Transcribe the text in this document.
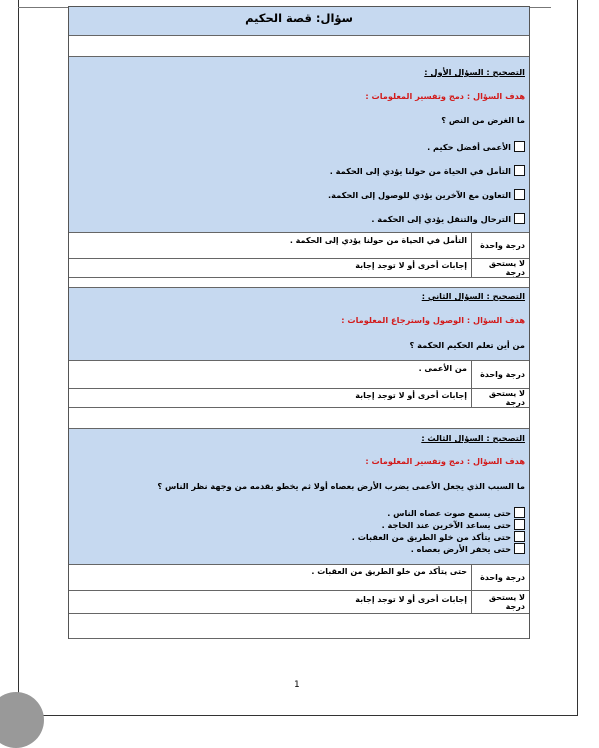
سؤال: قصة الحكيم
التصحيح : السؤال الأول :
هدف السؤال : دمج وتفسير المعلومات :
ما الغرض من النص ؟
الأعمى أفضل حكيم .
التأمل في الحياة من حولنا يؤدي إلى الحكمة .
التعاون مع الآخرين يؤدي للوصول إلى الحكمة.
الترحال والتنقل يؤدي إلى الحكمة .
درجة واحدة
التأمل في الحياة من حولنا يؤدي إلى الحكمة .
لا يستحق درجة
إجابات أخرى أو لا توجد إجابة
التصحيح : السؤال الثاني :
هدف السؤال : الوصول واسترجاع المعلومات :
من أين تعلم الحكيم الحكمة ؟
درجة واحدة
من الأعمى .
لا يستحق درجة
إجابات أخرى أو لا توجد إجابة
التصحيح : السؤال الثالث :
هدف السؤال : دمج وتفسير المعلومات :
ما السبب الذي يجعل الأعمى يضرب الأرض بعصاه أولا ثم يخطو بقدمه من وجهة نظر الناس ؟
حتى يسمع صوت عصاه الناس .
حتى يساعد الآخرين عند الحاجة .
حتى يتأكد من خلو الطريق من العقبات .
حتى يحفر الأرض بعصاه .
درجة واحدة
حتى يتأكد من خلو الطريق من العقبات .
لا يستحق درجة
إجابات أخرى أو لا توجد إجابة
1
